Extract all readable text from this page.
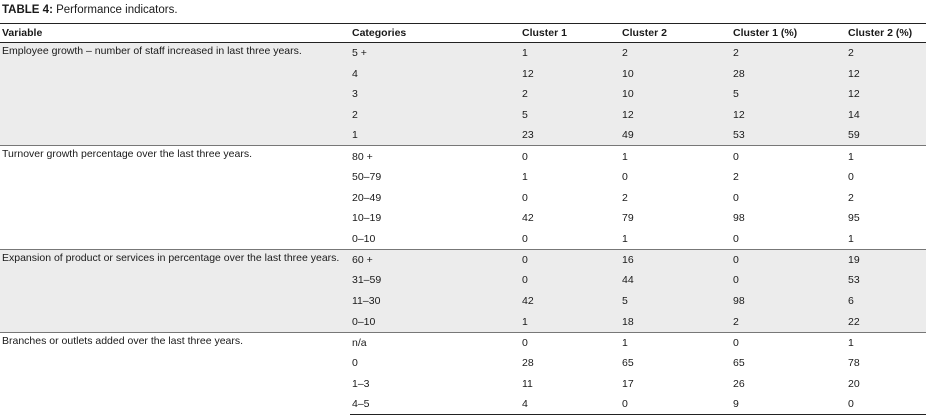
TABLE 4: Performance indicators.
Variable	Categories	Cluster 1	Cluster 2	Cluster 1 (%)	Cluster 2 (%)
Employee growth – number of staff increased in last three years.	5 +	1	2	2	2
	4	12	10	28	12
	3	2	10	5	12
	2	5	12	12	14
	1	23	49	53	59
Turnover growth percentage over the last three years.	80 +	0	1	0	1
	50–79	1	0	2	0
	20–49	0	2	0	2
	10–19	42	79	98	95
	0–10	0	1	0	1
Expansion of product or services in percentage over the last three years.	60 +	0	16	0	19
	31–59	0	44	0	53
	11–30	42	5	98	6
	0–10	1	18	2	22
Branches or outlets added over the last three years.	n/a	0	1	0	1
	0	28	65	65	78
	1–3	11	17	26	20
	4–5	4	0	9	0
